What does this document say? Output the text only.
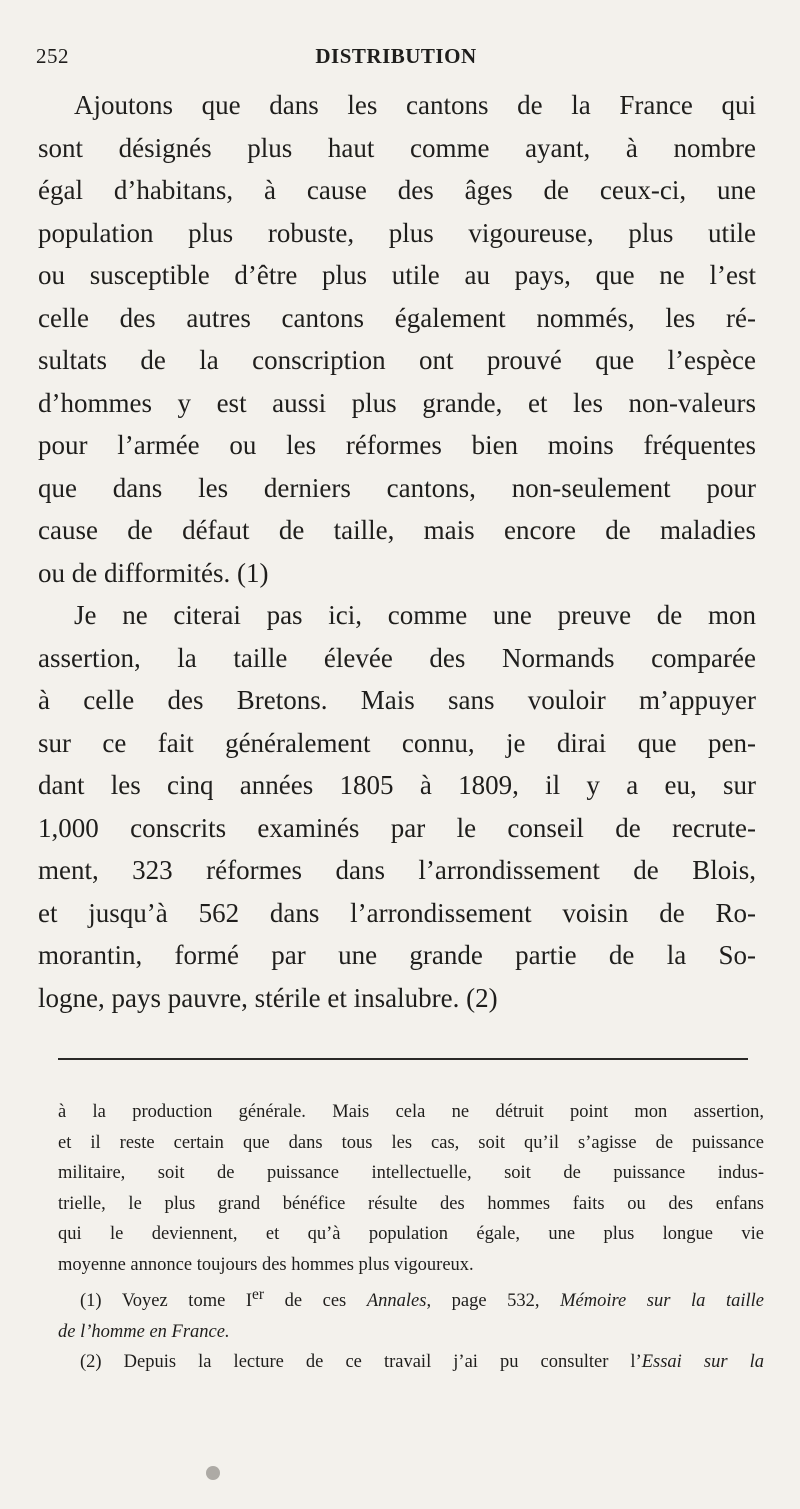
252	DISTRIBUTION

Ajoutons que dans les cantons de la France qui
sont désignés plus haut comme ayant, à nombre
égal d’habitans, à cause des âges de ceux-ci, une
population plus robuste, plus vigoureuse, plus utile
ou susceptible d’être plus utile au pays, que ne l’est
celle des autres cantons également nommés, les ré-
sultats de la conscription ont prouvé que l’espèce
d’hommes y est aussi plus grande, et les non-valeurs
pour l’armée ou les réformes bien moins fréquentes
que dans les derniers cantons, non-seulement pour
cause de défaut de taille, mais encore de maladies
ou de difformités. (1)

Je ne citerai pas ici, comme une preuve de mon
assertion, la taille élevée des Normands comparée
à celle des Bretons. Mais sans vouloir m’appuyer
sur ce fait généralement connu, je dirai que pen-
dant les cinq années 1805 à 1809, il y a eu, sur
1,000 conscrits examinés par le conseil de recrute-
ment, 323 réformes dans l’arrondissement de Blois,
et jusqu’à 562 dans l’arrondissement voisin de Ro-
morantin, formé par une grande partie de la So-
logne, pays pauvre, stérile et insalubre. (2)

à la production générale. Mais cela ne détruit point mon assertion,
et il reste certain que dans tous les cas, soit qu’il s’agisse de puissance
militaire, soit de puissance intellectuelle, soit de puissance indus-
trielle, le plus grand bénéfice résulte des hommes faits ou des enfans
qui le deviennent, et qu’à population égale, une plus longue vie
moyenne annonce toujours des hommes plus vigoureux.
(1) Voyez tome Ier de ces Annales, page 532, Mémoire sur la taille
de l’homme en France.
(2) Depuis la lecture de ce travail j’ai pu consulter l’Essai sur la
